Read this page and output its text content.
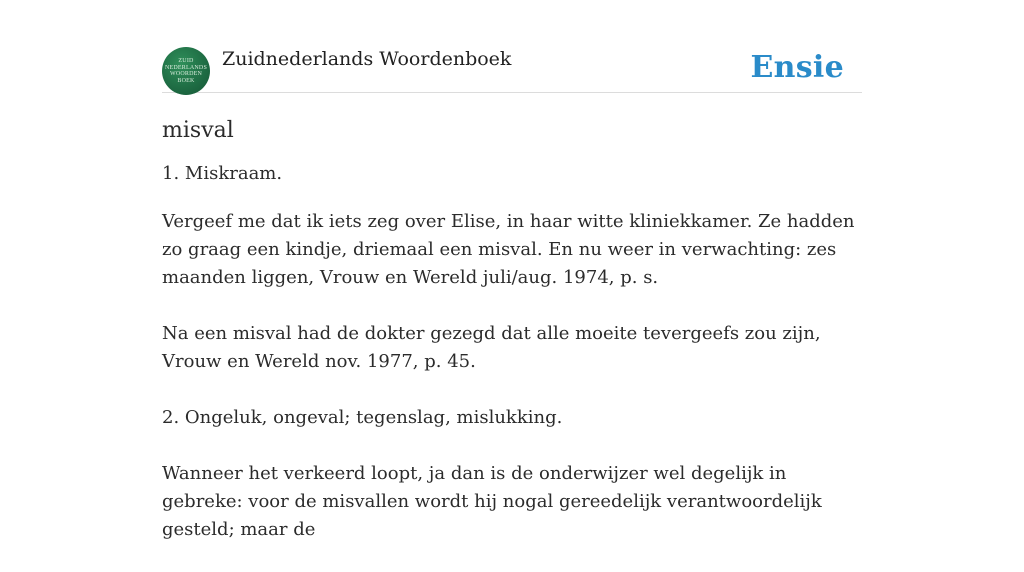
ZUID
NEDERLANDS
WOORDEN
BOEK
Zuidnederlands Woordenboek	Ensie
misval

1. Miskraam.

Vergeef me dat ik iets zeg over Elise, in haar witte kliniekkamer. Ze hadden zo graag een kindje, driemaal een misval. En nu weer in verwachting: zes maanden liggen, Vrouw en Wereld juli/aug. 1974, p. s.

Na een misval had de dokter gezegd dat alle moeite tevergeefs zou zijn, Vrouw en Wereld nov. 1977, p. 45.

2. Ongeluk, ongeval; tegenslag, mislukking.

Wanneer het verkeerd loopt, ja dan is de onderwijzer wel degelijk in gebreke: voor de misvallen wordt hij nogal gereedelijk verantwoordelijk gesteld; maar de
